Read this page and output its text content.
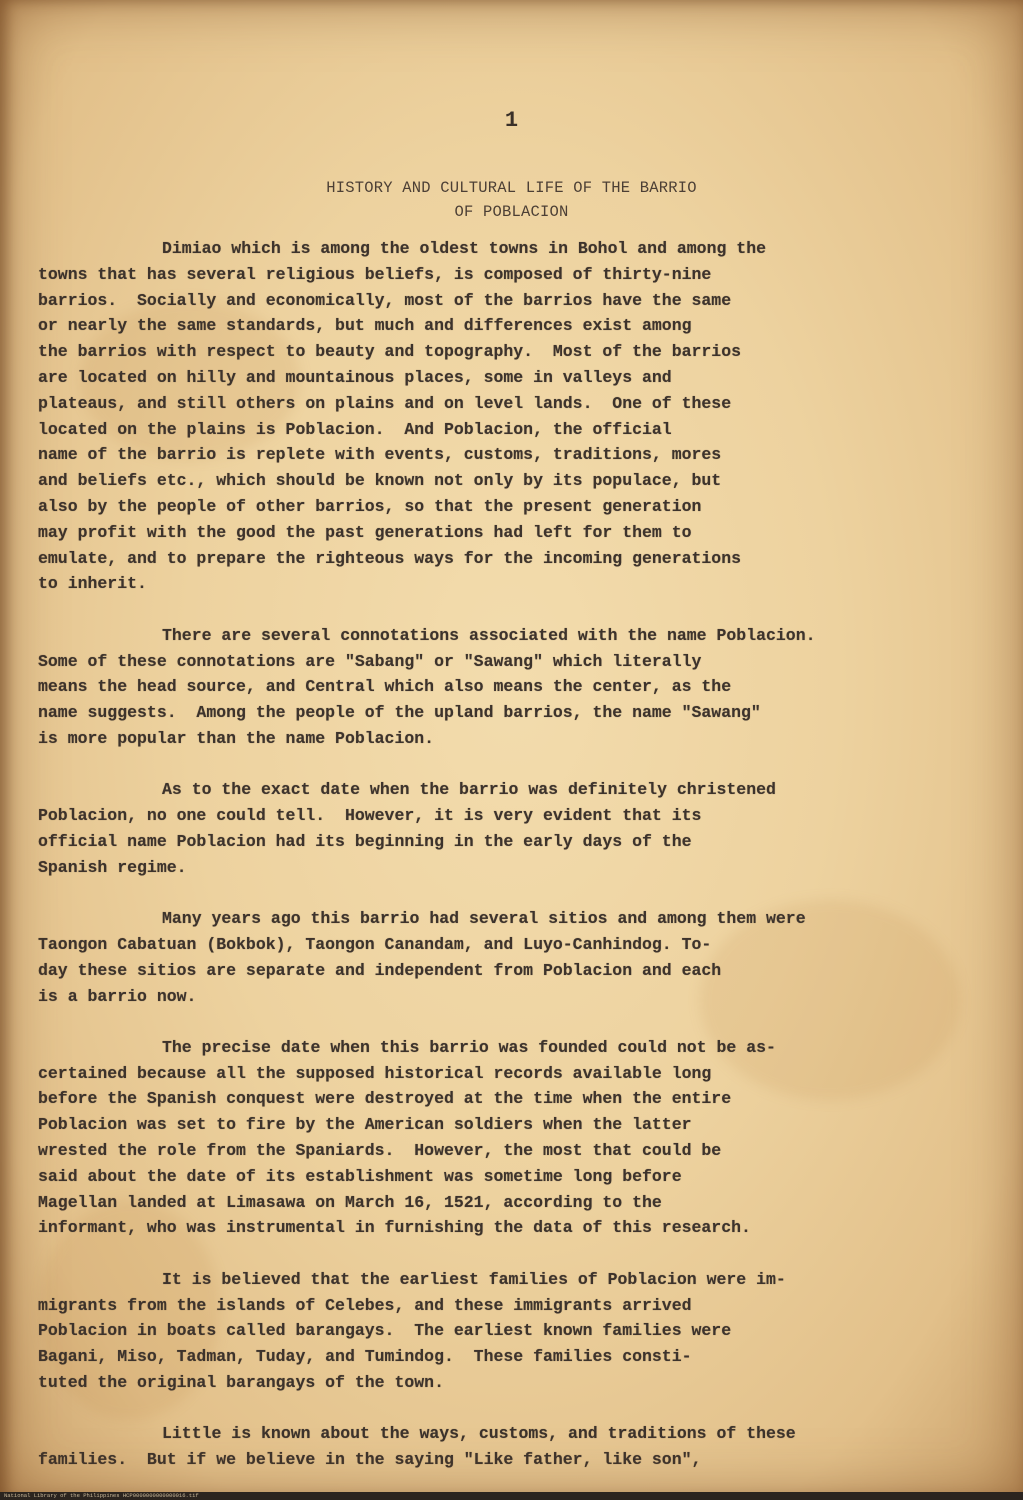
1

HISTORY AND CULTURAL LIFE OF THE BARRIO
OF POBLACION
Dimiao which is among the oldest towns in Bohol and among the
towns that has several religious beliefs, is composed of thirty-nine
barrios.  Socially and economically, most of the barrios have the same
or nearly the same standards, but much and differences exist among
the barrios with respect to beauty and topography.  Most of the barrios
are located on hilly and mountainous places, some in valleys and
plateaus, and still others on plains and on level lands.  One of these
located on the plains is Poblacion.  And Poblacion, the official
name of the barrio is replete with events, customs, traditions, mores
and beliefs etc., which should be known not only by its populace, but
also by the people of other barrios, so that the present generation
may profit with the good the past generations had left for them to
emulate, and to prepare the righteous ways for the incoming generations
to inherit.
There are several connotations associated with the name Poblacion.
Some of these connotations are "Sabang" or "Sawang" which literally
means the head source, and Central which also means the center, as the
name suggests.  Among the people of the upland barrios, the name "Sawang"
is more popular than the name Poblacion.
As to the exact date when the barrio was definitely christened
Poblacion, no one could tell.  However, it is very evident that its
official name Poblacion had its beginning in the early days of the
Spanish regime.
Many years ago this barrio had several sitios and among them were
Taongon Cabatuan (Bokbok), Taongon Canandam, and Luyo-Canhindog. To-
day these sitios are separate and independent from Poblacion and each
is a barrio now.
The precise date when this barrio was founded could not be as-
certained because all the supposed historical records available long
before the Spanish conquest were destroyed at the time when the entire
Poblacion was set to fire by the American soldiers when the latter
wrested the role from the Spaniards.  However, the most that could be
said about the date of its establishment was sometime long before
Magellan landed at Limasawa on March 16, 1521, according to the
informant, who was instrumental in furnishing the data of this research.
It is believed that the earliest families of Poblacion were im-
migrants from the islands of Celebes, and these immigrants arrived
Poblacion in boats called barangays.  The earliest known families were
Bagani, Miso, Tadman, Tuday, and Tumindog.  These families consti-
tuted the original barangays of the town.
Little is known about the ways, customs, and traditions of these
families.  But if we believe in the saying "Like father, like son",
National Library of the Philippines HCP0000000000000016.tif
